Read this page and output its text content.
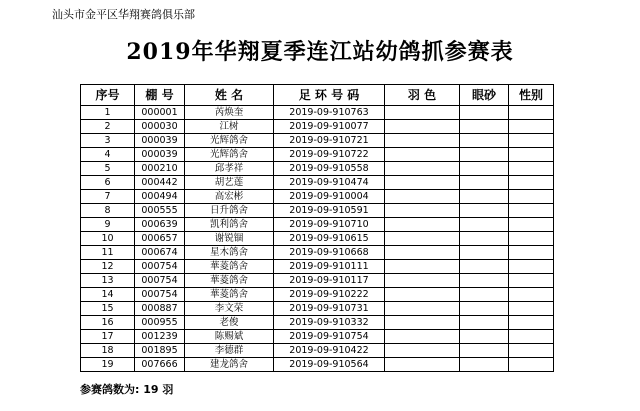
汕头市金平区华翔赛鸽俱乐部
2019年华翔夏季连江站幼鸽抓参赛表
序号	棚 号	姓 名	足 环 号 码	羽 色	眼砂	性别
1	000001	芮焕奎	2019-09-910763			
2	000030	江树	2019-09-910077			
3	000039	光辉鸽舍	2019-09-910721			
4	000039	光辉鸽舍	2019-09-910722			
5	000210	邱孝祥	2019-09-910558			
6	000442	胡艺莲	2019-09-910474			
7	000494	高宏彬	2019-09-910004			
8	000555	日升鸽舍	2019-09-910591			
9	000639	凯利鸽舍	2019-09-910710			
10	000657	谢锐锢	2019-09-910615			
11	000674	星木鸽舍	2019-09-910668			
12	000754	華菱鸽舍	2019-09-910111			
13	000754	華菱鸽舍	2019-09-910117			
14	000754	華菱鸽舍	2019-09-910222			
15	000887	李文荣	2019-09-910731			
16	000955	老俊	2019-09-910332			
17	001239	陈赐斌	2019-09-910754			
18	001895	李德群	2019-09-910422			
19	007666	建龙鸽舍	2019-09-910564			
参赛鸽数为: 19 羽
